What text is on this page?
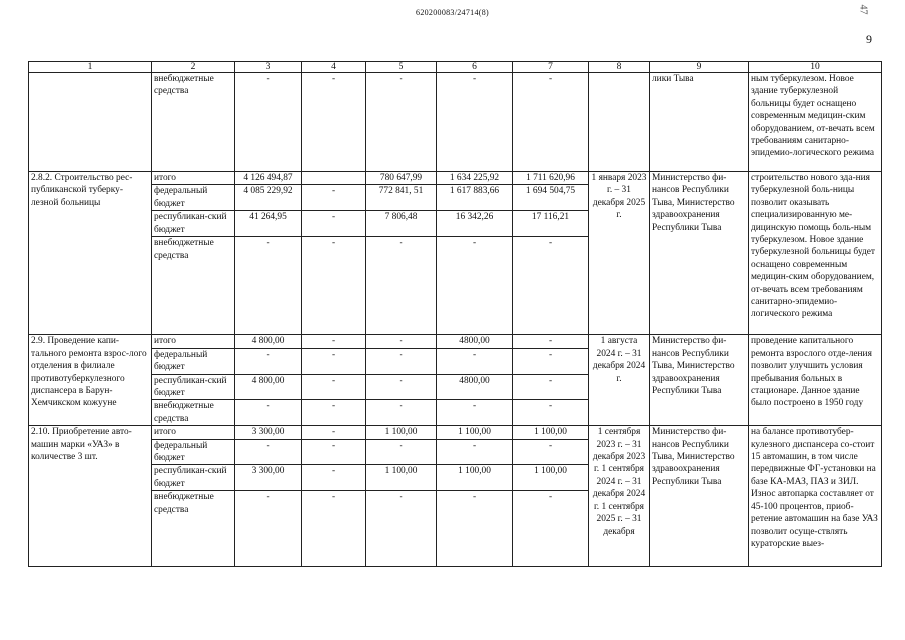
620200083/24714(8)	47
9
1	2	3	4	5	6	7	8	9	10
	внебюджетные средства	-	-	-	-	-		лики Тыва	ным туберкулезом. Новое здание туберкулезной больницы будет оснащено современным медицин-ским оборудованием, от-вечать всем требованиям санитарно-эпидемио-логического режима
2.8.2. Строительство рес-публиканской туберку-лезной больницы	итого	4 126 494,87		780 647,99	1 634 225,92	1 711 620,96	1 января 2023 г. – 31 декабря 2025 г.	Министерство фи-нансов Республики Тыва, Министерство здравоохранения Республики Тыва	строительство нового зда-ния туберкулезной боль-ницы позволит оказывать специализированную ме-дицинскую помощь боль-ным туберкулезом. Новое здание туберкулезной больницы будет оснащено современным медицин-ским оборудованием, от-вечать всем требованиям санитарно-эпидемио-логического режима
	федеральный бюджет	4 085 229,92	-	772 841, 51	1 617 883,66	1 694 504,75			
	республикан-ский бюджет	41 264,95	-	7 806,48	16 342,26	17 116,21			
	внебюджетные средства	-	-	-	-	-			
2.9. Проведение капи-тального ремонта взрос-лого отделения в филиале противотуберкулезного диспансера в Барун-Хемчикском кожууне	итого	4 800,00	-	-	4800,00	-	1 августа 2024 г. – 31 декабря 2024 г.	Министерство фи-нансов Республики Тыва, Министерство здравоохранения Республики Тыва	проведение капитального ремонта взрослого отде-ления позволит улучшить условия пребывания больных в стационаре. Данное здание было построено в 1950 году
	федеральный бюджет	-	-	-	-	-			
	республикан-ский бюджет	4 800,00	-	-	4800,00	-			
	внебюджетные средства	-	-	-	-	-			
2.10. Приобретение авто-машин марки «УАЗ» в количестве 3 шт.	итого	3 300,00	-	1 100,00	1 100,00	1 100,00	1 сентября 2023 г. – 31 декабря 2023 г. 1 сентября 2024 г. – 31 декабря 2024 г. 1 сентября 2025 г. – 31 декабря	Министерство фи-нансов Республики Тыва, Министерство здравоохранения Республики Тыва	на балансе противотубер-кулезного диспансера со-стоит 15 автомашин, в том числе передвижные ФГ-установки на базе КА-МАЗ, ПАЗ и ЗИЛ. Износ автопарка составляет от 45-100 процентов, приоб-ретение автомашин на базе УАЗ позволит осуще-ствлять кураторские выез-
	федеральный бюджет	-	-	-	-	-			
	республикан-ский бюджет	3 300,00	-	1 100,00	1 100,00	1 100,00			
	внебюджетные средства	-	-	-	-	-			
